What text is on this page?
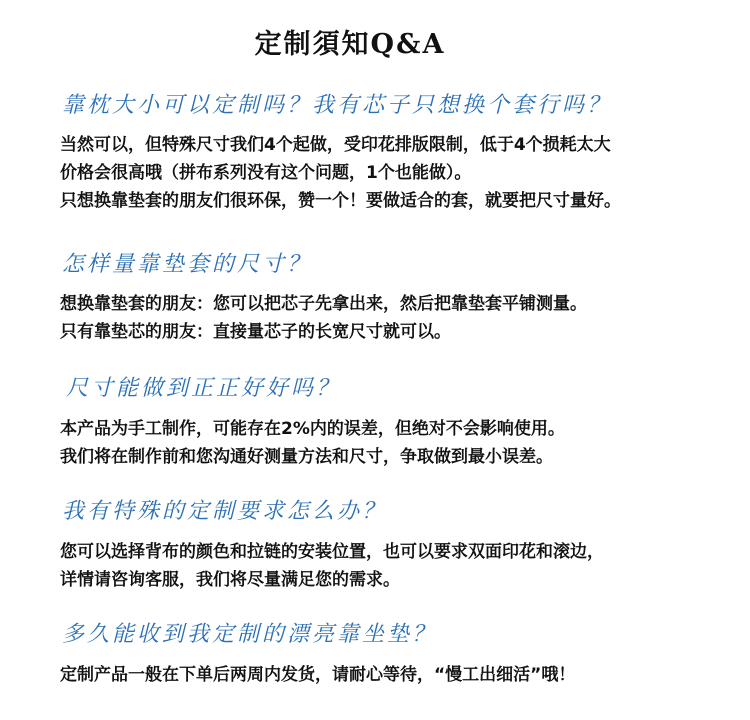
定制須知Q&A
靠枕大小可以定制吗？我有芯子只想换个套行吗？
当然可以，但特殊尺寸我们4个起做，受印花排版限制，低于4个损耗太大
价格会很高哦（拼布系列没有这个问题，1个也能做）。
只想换靠垫套的朋友们很环保，赞一个！要做适合的套，就要把尺寸量好。
怎样量靠垫套的尺寸？
想换靠垫套的朋友：您可以把芯子先拿出来，然后把靠垫套平铺测量。
只有靠垫芯的朋友：直接量芯子的长宽尺寸就可以。
尺寸能做到正正好好吗？
本产品为手工制作，可能存在2%内的误差，但绝对不会影响使用。
我们将在制作前和您沟通好测量方法和尺寸，争取做到最小误差。
我有特殊的定制要求怎么办？
您可以选择背布的颜色和拉链的安装位置，也可以要求双面印花和滚边，
详情请咨询客服，我们将尽量满足您的需求。
多久能收到我定制的漂亮靠坐垫？
定制产品一般在下单后两周内发货，请耐心等待，“慢工出细活”哦！
